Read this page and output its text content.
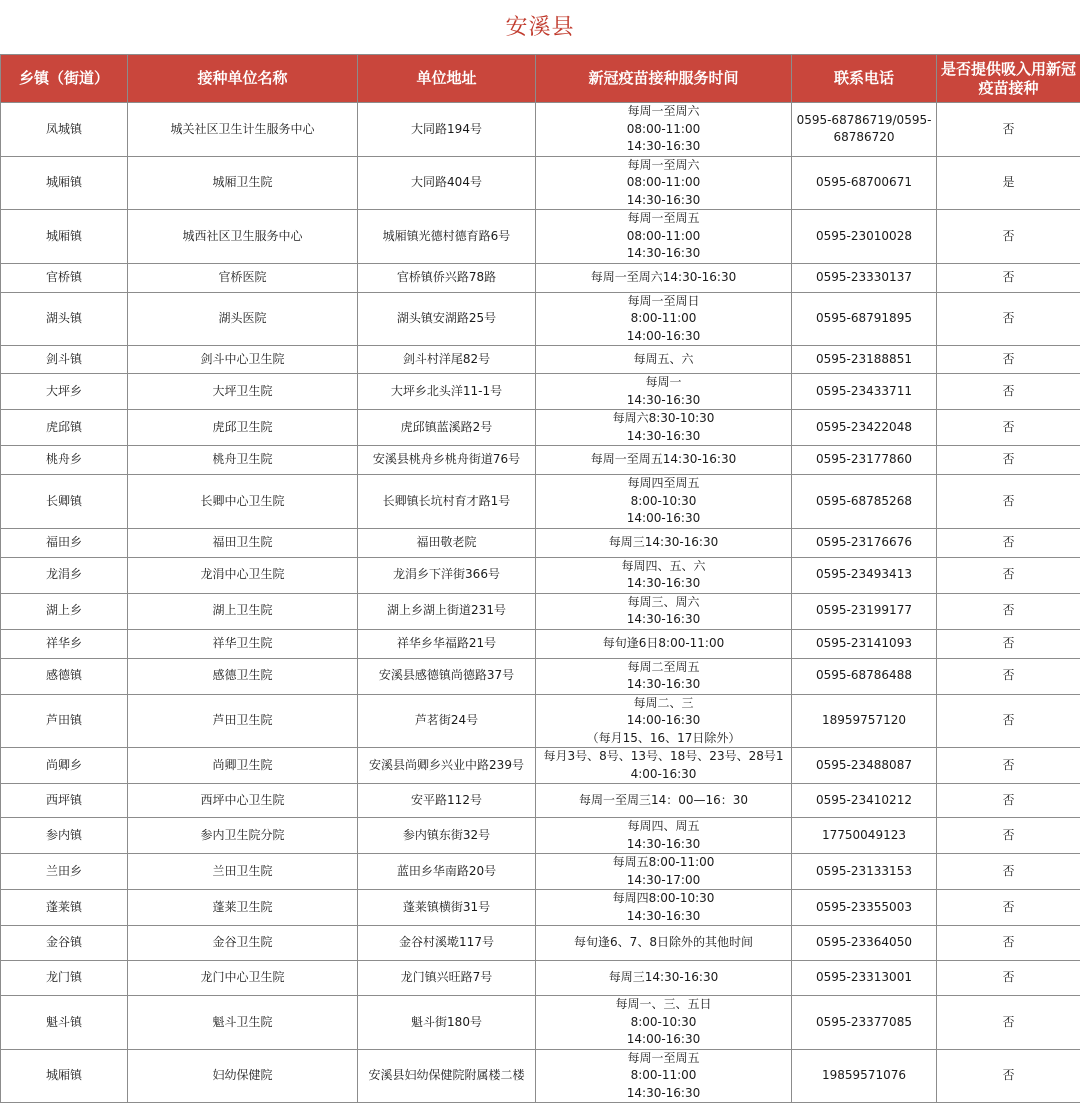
安溪县
乡镇（街道）	接种单位名称	单位地址	新冠疫苗接种服务时间	联系电话	是否提供吸入用新冠疫苗接种

凤城镇	城关社区卫生计生服务中心	大同路194号	每周一至周六
08:00-11:00
14:30-16:30	0595-68786719/0595-68786720	否

城厢镇	城厢卫生院	大同路404号	每周一至周六
08:00-11:00
14:30-16:30	0595-68700671	是

城厢镇	城西社区卫生服务中心	城厢镇光德村德育路6号	每周一至周五
08:00-11:00
14:30-16:30	0595-23010028	否

官桥镇	官桥医院	官桥镇侨兴路78路	每周一至周六14:30-16:30	0595-23330137	否

湖头镇	湖头医院	湖头镇安湖路25号	每周一至周日
8:00-11:00
14:00-16:30	0595-68791895	否

剑斗镇	剑斗中心卫生院	剑斗村洋尾82号	每周五、六	0595-23188851	否

大坪乡	大坪卫生院	大坪乡北头洋11-1号	每周一
14:30-16:30	0595-23433711	否

虎邱镇	虎邱卫生院	虎邱镇蓝溪路2号	每周六8:30-10:30
14:30-16:30	0595-23422048	否

桃舟乡	桃舟卫生院	安溪县桃舟乡桃舟街道76号	每周一至周五14:30-16:30	0595-23177860	否

长卿镇	长卿中心卫生院	长卿镇长坑村育才路1号	每周四至周五
8:00-10:30
14:00-16:30	0595-68785268	否

福田乡	福田卫生院	福田敬老院	每周三14:30-16:30	0595-23176676	否

龙涓乡	龙涓中心卫生院	龙涓乡下洋街366号	每周四、五、六
14:30-16:30	0595-23493413	否

湖上乡	湖上卫生院	湖上乡湖上街道231号	每周三、周六
14:30-16:30	0595-23199177	否

祥华乡	祥华卫生院	祥华乡华福路21号	每旬逢6日8:00-11:00	0595-23141093	否

感德镇	感德卫生院	安溪县感德镇尚德路37号	每周二至周五
14:30-16:30	0595-68786488	否

芦田镇	芦田卫生院	芦茗街24号	每周二、三
14:00-16:30
（每月15、16、17日除外）	18959757120	否

尚卿乡	尚卿卫生院	安溪县尚卿乡兴业中路239号	每月3号、8号、13号、18号、23号、28号14:00-16:30	0595-23488087	否

西坪镇	西坪中心卫生院	安平路112号	每周一至周三14：00—16：30	0595-23410212	否

参内镇	参内卫生院分院	参内镇东街32号	每周四、周五
14:30-16:30	17750049123	否

兰田乡	兰田卫生院	蓝田乡华南路20号	每周五8:00-11:00
14:30-17:00	0595-23133153	否

蓬莱镇	蓬莱卫生院	蓬莱镇横街31号	每周四8:00-10:30
14:30-16:30	0595-23355003	否

金谷镇	金谷卫生院	金谷村溪墘117号	每旬逢6、7、8日除外的其他时间	0595-23364050	否

龙门镇	龙门中心卫生院	龙门镇兴旺路7号	每周三14:30-16:30	0595-23313001	否

魁斗镇	魁斗卫生院	魁斗街180号	每周一、三、五日
8:00-10:30
14:00-16:30	0595-23377085	否

城厢镇	妇幼保健院	安溪县妇幼保健院附属楼二楼	每周一至周五
8:00-11:00
14:30-16:30	19859571076	否
